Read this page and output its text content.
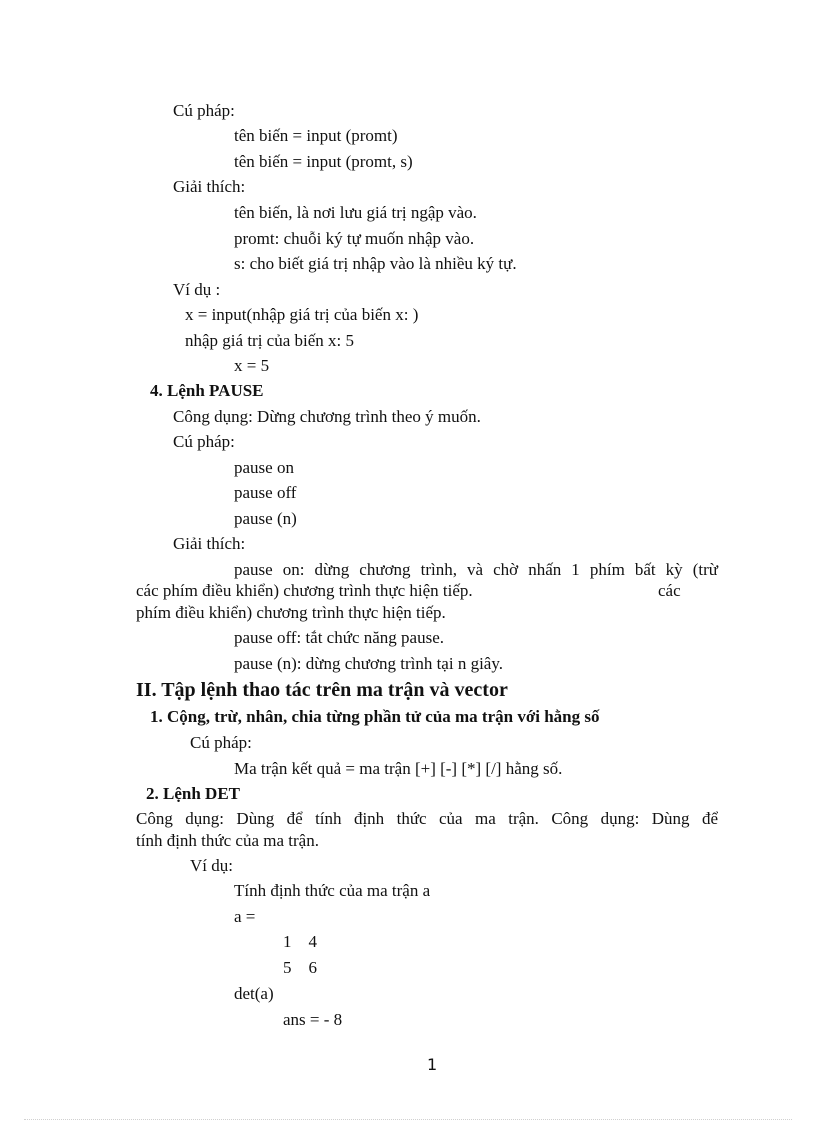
Cú pháp:
tên biến = input (promt)
tên biến = input (promt, s)
Giải thích:
tên biến, là nơi lưu giá trị ngập vào.
promt: chuỗi ký tự muốn nhập vào.
s: cho biết giá trị nhập vào là nhiều ký tự.
Ví dụ :
x = input(nhập giá trị của biến x: )
nhập giá trị của biến x: 5
x = 5
4. Lệnh PAUSE
Công dụng: Dừng chương trình theo ý muốn.
Cú pháp:
pause on
pause off
pause (n)
Giải thích:
pause on: dừng chương trình, và chờ nhấn 1 phím bất kỳ (trừ
các phím điều khiển) chương trình thực hiện tiếp.	các
phím điều khiển) chương trình thực hiện tiếp.
pause off: tắt chức năng pause.
pause (n): dừng chương trình tại n giây.
II. Tập lệnh thao tác trên ma trận và vector
1. Cộng, trừ, nhân, chia từng phần tử của ma trận với hằng số
Cú pháp:
Ma trận kết quả = ma trận [+] [-] [*] [/] hằng số.
2. Lệnh DET
Công dụng: Dùng để tính định thức của ma trận. Công dụng: Dùng để
tính định thức của ma trận.
Ví dụ:
Tính định thức của ma trận a
a =
1    4
5    6
det(a)
ans = - 8
1
